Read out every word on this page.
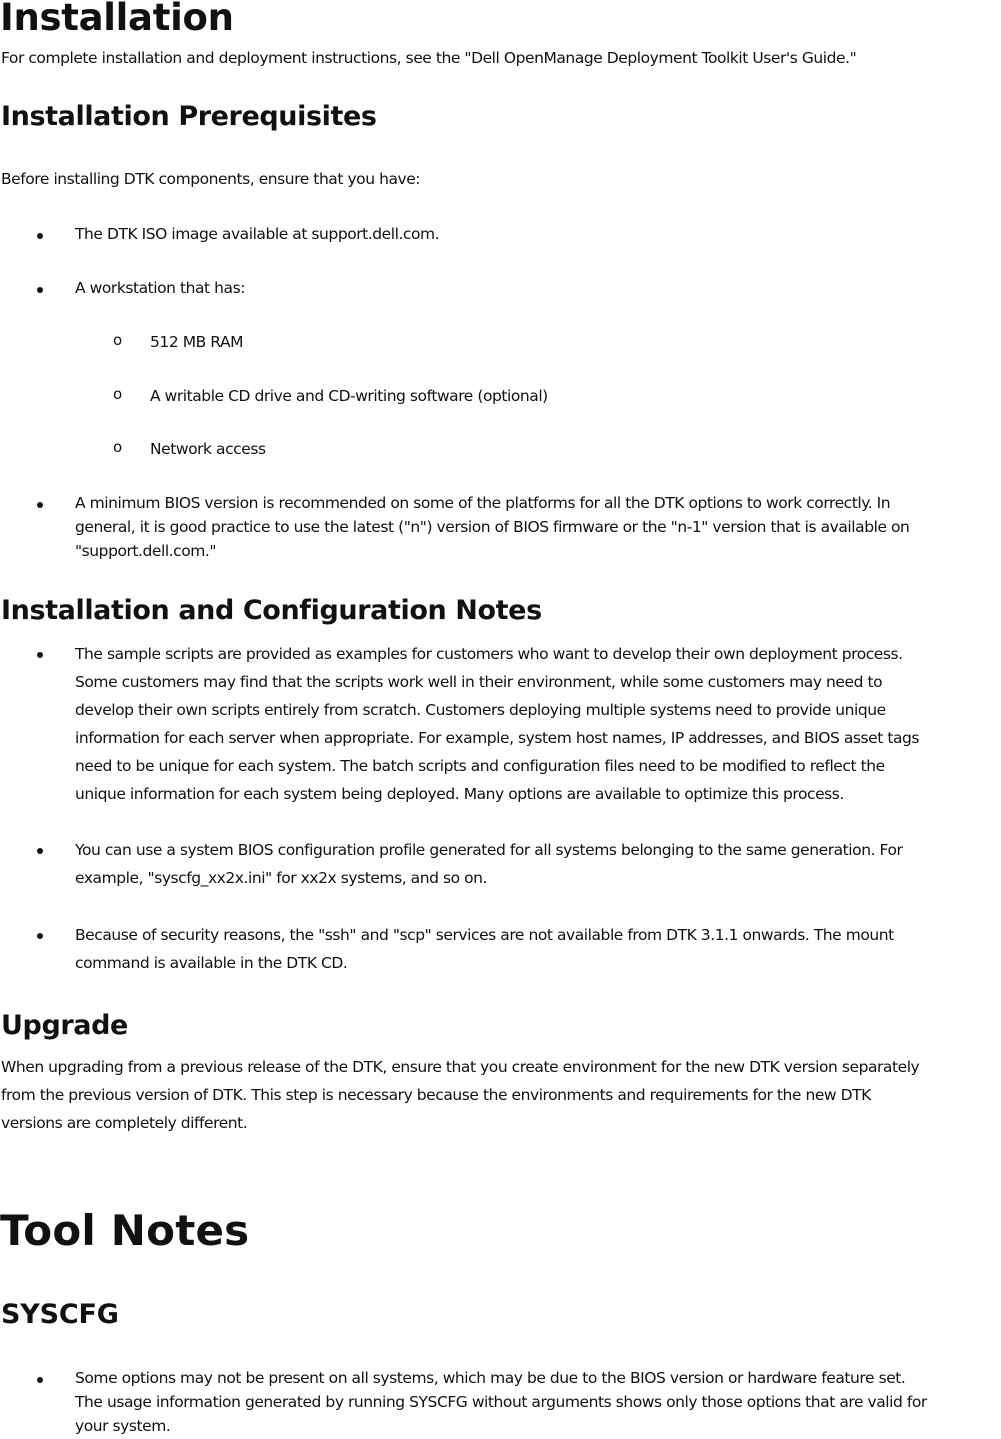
Installation
For complete installation and deployment instructions, see the "Dell OpenManage Deployment Toolkit User's Guide."
Installation Prerequisites
Before installing DTK components, ensure that you have:
The DTK ISO image available at support.dell.com.
A workstation that has:
o 512 MB RAM
o A writable CD drive and CD-writing software (optional)
o Network access
A minimum BIOS version is recommended on some of the platforms for all the DTK options to work correctly. In
general, it is good practice to use the latest ("n") version of BIOS firmware or the "n-1" version that is available on
"support.dell.com."
Installation and Configuration Notes
The sample scripts are provided as examples for customers who want to develop their own deployment process.
Some customers may find that the scripts work well in their environment, while some customers may need to
develop their own scripts entirely from scratch. Customers deploying multiple systems need to provide unique
information for each server when appropriate. For example, system host names, IP addresses, and BIOS asset tags
need to be unique for each system. The batch scripts and configuration files need to be modified to reflect the
unique information for each system being deployed. Many options are available to optimize this process.
You can use a system BIOS configuration profile generated for all systems belonging to the same generation. For
example, "syscfg_xx2x.ini" for xx2x systems, and so on.
Because of security reasons, the "ssh" and "scp" services are not available from DTK 3.1.1 onwards. The mount
command is available in the DTK CD.
Upgrade
When upgrading from a previous release of the DTK, ensure that you create environment for the new DTK version separately
from the previous version of DTK. This step is necessary because the environments and requirements for the new DTK
versions are completely different.
Tool Notes
SYSCFG
Some options may not be present on all systems, which may be due to the BIOS version or hardware feature set.
The usage information generated by running SYSCFG without arguments shows only those options that are valid for
your system.
